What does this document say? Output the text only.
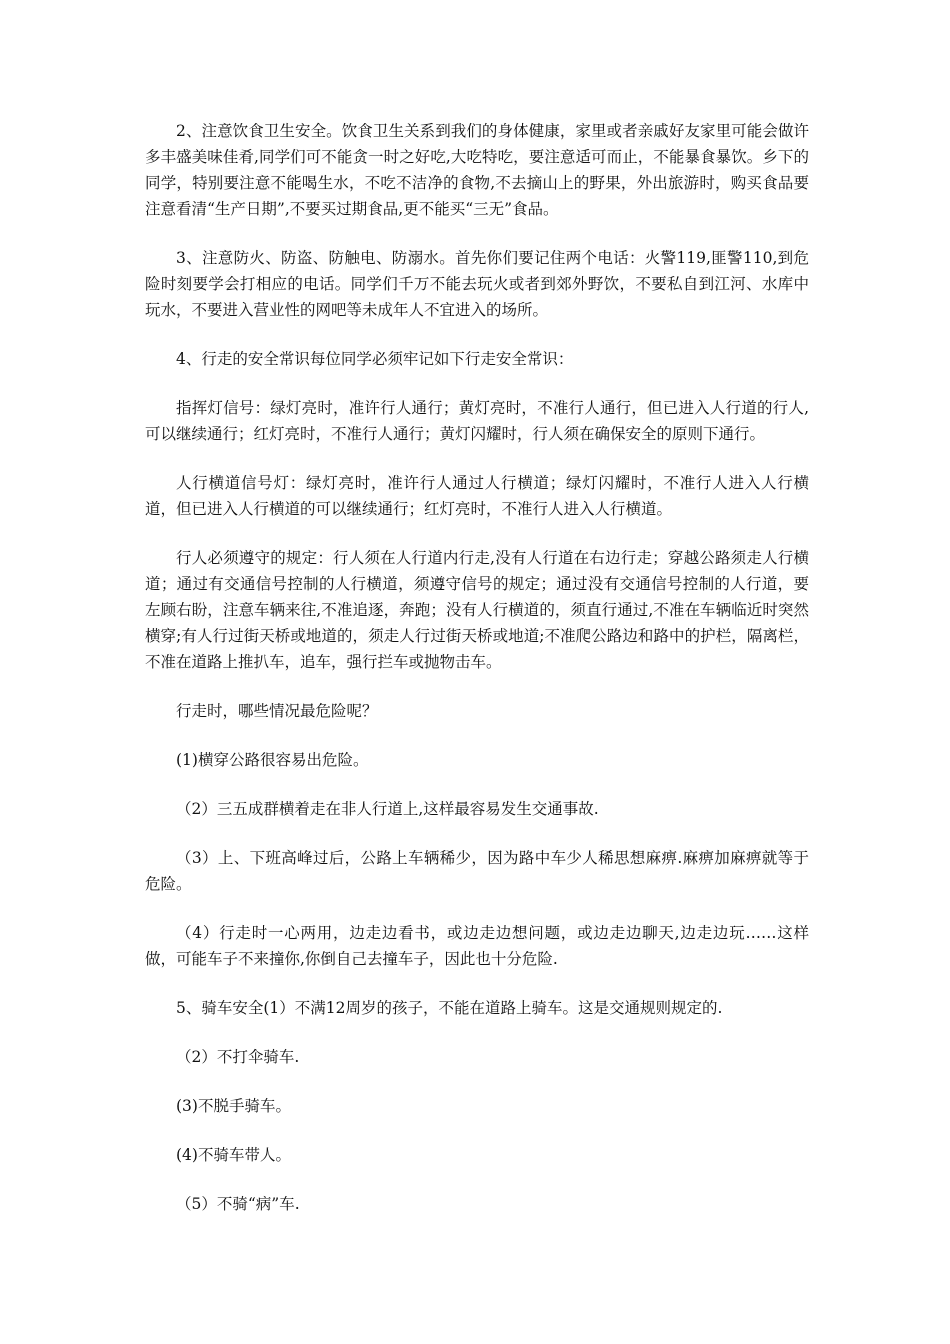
2、注意饮食卫生安全。饮食卫生关系到我们的身体健康，家里或者亲戚好友家里可能会做许多丰盛美味佳肴,同学们可不能贪一时之好吃,大吃特吃，要注意适可而止，不能暴食暴饮。乡下的同学，特别要注意不能喝生水，不吃不洁净的食物,不去摘山上的野果，外出旅游时，购买食品要注意看清“生产日期”,不要买过期食品,更不能买“三无”食品。

3、注意防火、防盗、防触电、防溺水。首先你们要记住两个电话：火警119,匪警110,到危险时刻要学会打相应的电话。同学们千万不能去玩火或者到郊外野饮，不要私自到江河、水库中玩水，不要进入营业性的网吧等未成年人不宜进入的场所。

4、行走的安全常识每位同学必须牢记如下行走安全常识：

指挥灯信号：绿灯亮时，准许行人通行；黄灯亮时，不准行人通行，但已进入人行道的行人,可以继续通行；红灯亮时，不准行人通行；黄灯闪耀时，行人须在确保安全的原则下通行。

人行横道信号灯：绿灯亮时，准许行人通过人行横道；绿灯闪耀时，不准行人进入人行横道，但已进入人行横道的可以继续通行；红灯亮时，不准行人进入人行横道。

行人必须遵守的规定：行人须在人行道内行走,没有人行道在右边行走；穿越公路须走人行横道；通过有交通信号控制的人行横道，须遵守信号的规定；通过没有交通信号控制的人行道，要左顾右盼，注意车辆来往,不准追逐，奔跑；没有人行横道的，须直行通过,不准在车辆临近时突然横穿;有人行过街天桥或地道的，须走人行过街天桥或地道;不准爬公路边和路中的护栏，隔离栏，不准在道路上推扒车，追车，强行拦车或抛物击车。

行走时，哪些情况最危险呢？

(1)横穿公路很容易出危险。

（2）三五成群横着走在非人行道上,这样最容易发生交通事故.

（3）上、下班高峰过后，公路上车辆稀少，因为路中车少人稀思想麻痹.麻痹加麻痹就等于危险。

（4）行走时一心两用，边走边看书，或边走边想问题，或边走边聊天,边走边玩……这样做，可能车子不来撞你,你倒自己去撞车子，因此也十分危险.

5、骑车安全(1）不满12周岁的孩子，不能在道路上骑车。这是交通规则规定的.

（2）不打伞骑车.

(3)不脱手骑车。

(4)不骑车带人。

（5）不骑“病”车.
